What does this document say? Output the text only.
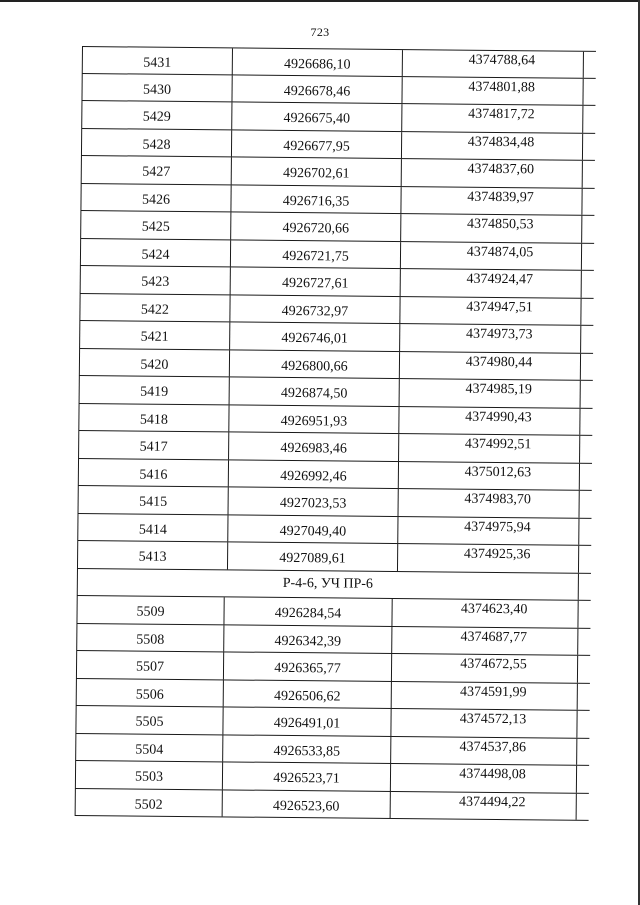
723
5431	4926686,10	4374788,64
5430	4926678,46	4374801,88
5429	4926675,40	4374817,72
5428	4926677,95	4374834,48
5427	4926702,61	4374837,60
5426	4926716,35	4374839,97
5425	4926720,66	4374850,53
5424	4926721,75	4374874,05
5423	4926727,61	4374924,47
5422	4926732,97	4374947,51
5421	4926746,01	4374973,73
5420	4926800,66	4374980,44
5419	4926874,50	4374985,19
5418	4926951,93	4374990,43
5417	4926983,46	4374992,51
5416	4926992,46	4375012,63
5415	4927023,53	4374983,70
5414	4927049,40	4374975,94
5413	4927089,61	4374925,36
Р-4-6, УЧ ПР-6
5509	4926284,54	4374623,40
5508	4926342,39	4374687,77
5507	4926365,77	4374672,55
5506	4926506,62	4374591,99
5505	4926491,01	4374572,13
5504	4926533,85	4374537,86
5503	4926523,71	4374498,08
5502	4926523,60	4374494,22
